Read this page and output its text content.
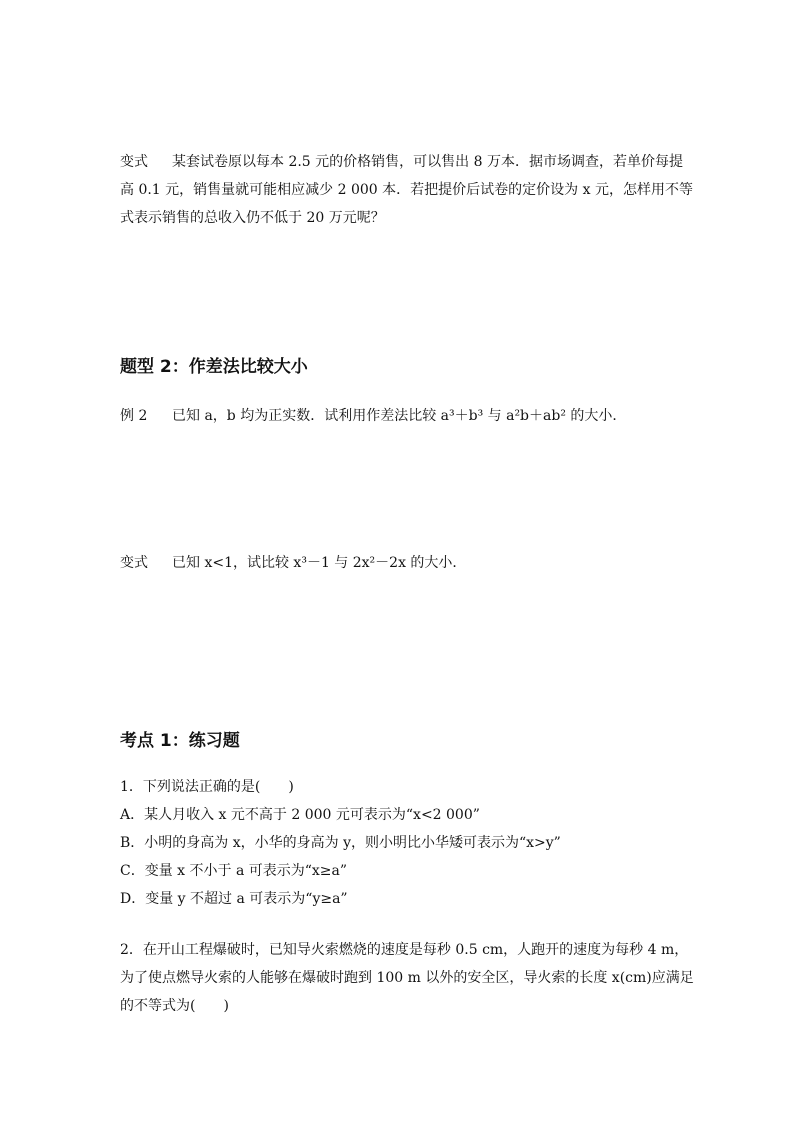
变式 某套试卷原以每本 2.5 元的价格销售，可以售出 8 万本．据市场调查，若单价每提
高 0.1 元，销售量就可能相应减少 2 000 本．若把提价后试卷的定价设为 x 元，怎样用不等
式表示销售的总收入仍不低于 20 万元呢？
题型 2：作差法比较大小
例 2 已知 a，b 均为正实数．试利用作差法比较 a³＋b³ 与 a²b＋ab² 的大小．
变式 已知 x<1，试比较 x³－1 与 2x²－2x 的大小．
考点 1：练习题
1．下列说法正确的是(　　)
A．某人月收入 x 元不高于 2 000 元可表示为“x<2 000”
B．小明的身高为 x，小华的身高为 y，则小明比小华矮可表示为“x>y”
C．变量 x 不小于 a 可表示为“x≥a”
D．变量 y 不超过 a 可表示为“y≥a”
2．在开山工程爆破时，已知导火索燃烧的速度是每秒 0.5 cm，人跑开的速度为每秒 4 m，
为了使点燃导火索的人能够在爆破时跑到 100 m 以外的安全区，导火索的长度 x(cm)应满足
的不等式为(　　)
